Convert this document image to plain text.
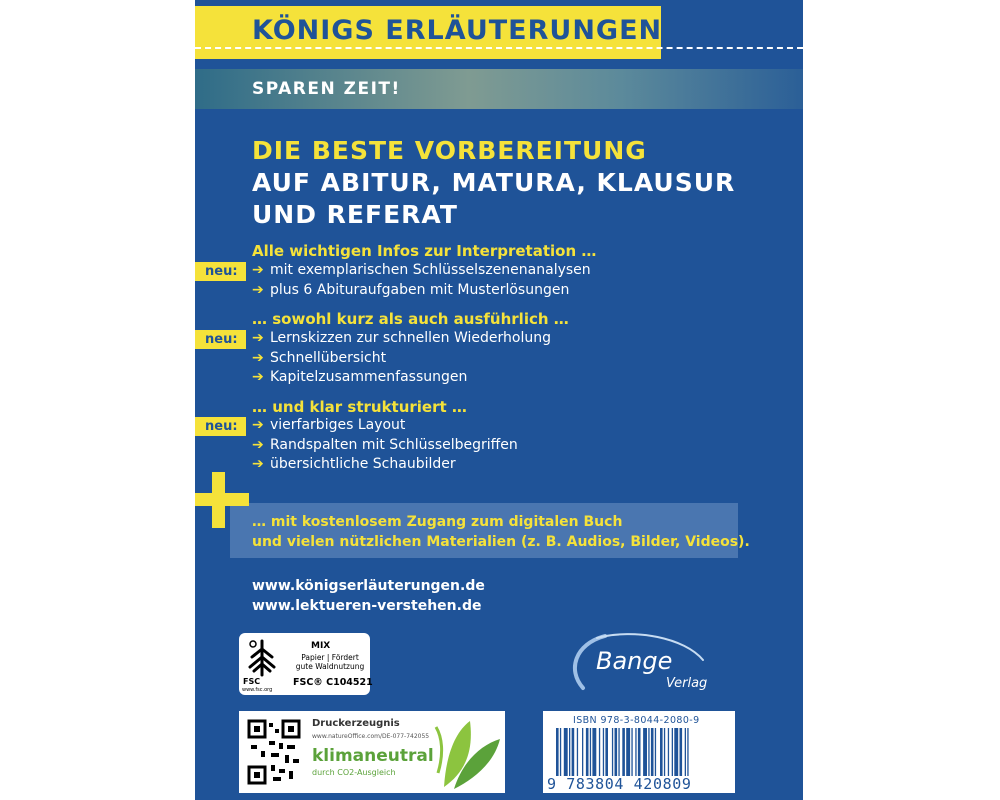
KÖNIGS ERLÄUTERUNGEN
SPAREN ZEIT!
DIE BESTE VORBEREITUNG
AUF ABITUR, MATURA, KLAUSUR
UND REFERAT
Alle wichtigen Infos zur Interpretation …
neu:	➔ mit exemplarischen Schlüsselszenenanalysen
➔ plus 6 Abituraufgaben mit Musterlösungen
… sowohl kurz als auch ausführlich …
neu:	➔ Lernskizzen zur schnellen Wiederholung
➔ Schnellübersicht
➔ Kapitelzusammenfassungen
… und klar strukturiert …
neu:	➔ vierfarbiges Layout
➔ Randspalten mit Schlüsselbegriffen
➔ übersichtliche Schaubilder
… mit kostenlosem Zugang zum digitalen Buch
und vielen nützlichen Materialien (z. B. Audios, Bilder, Videos).
www.königserläuterungen.de
www.lektueren-verstehen.de
FSC
www.fsc.org
MIX
Papier | Fördert gute Waldnutzung
FSC® C104521
Bange
Verlag
Druckerzeugnis
www.natureOffice.com/DE-077-742055
klimaneutral
durch CO2-Ausgleich
ISBN 978-3-8044-2080-9
9 783804 420809
